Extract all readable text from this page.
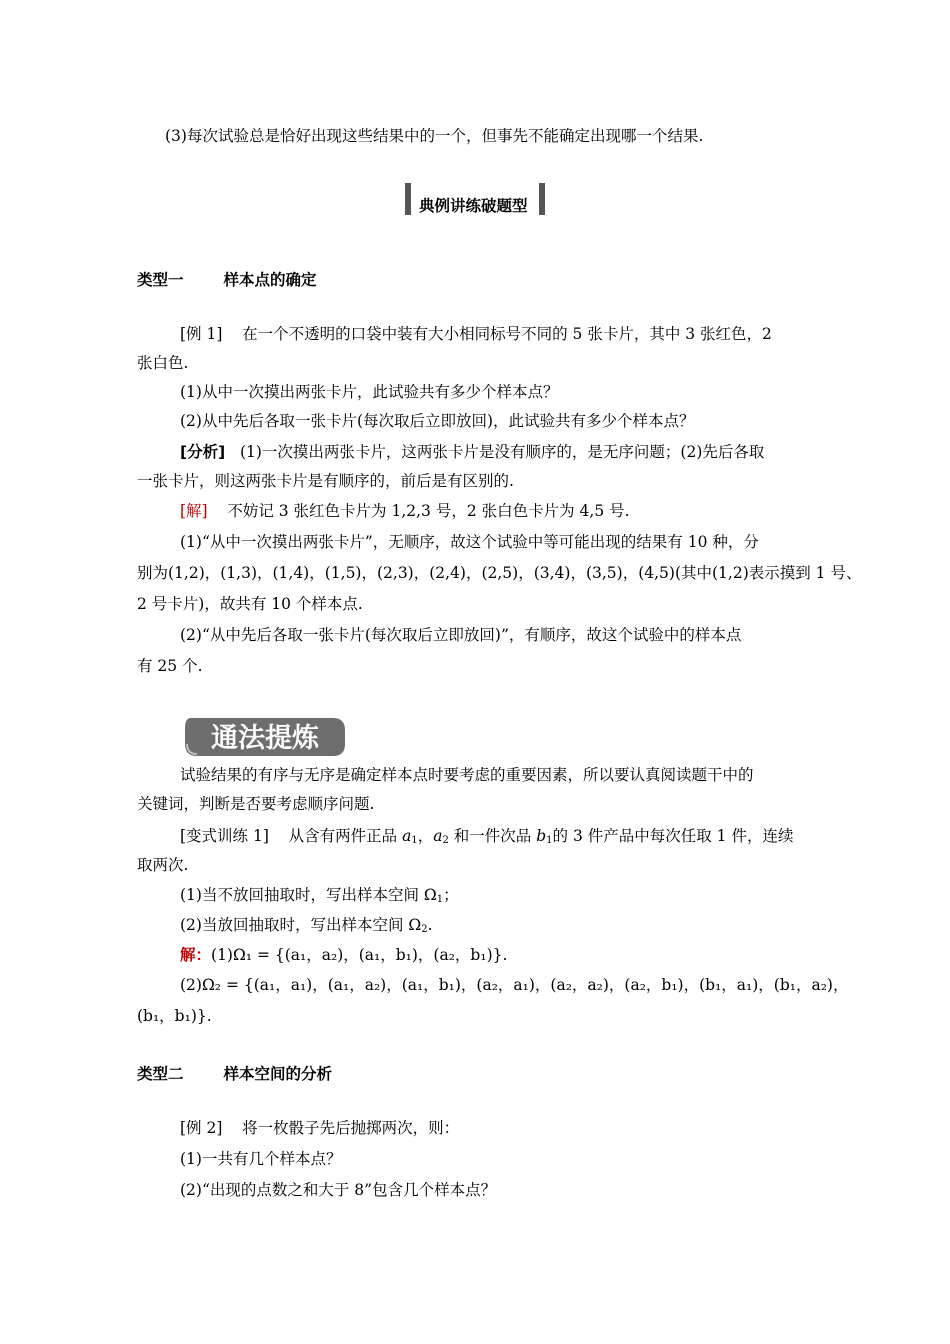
(3)每次试验总是恰好出现这些结果中的一个，但事先不能确定出现哪一个结果.
典例讲练破题型
类型一	样本点的确定
[例 1] 在一个不透明的口袋中装有大小相同标号不同的 5 张卡片，其中 3 张红色，2
张白色.
(1)从中一次摸出两张卡片，此试验共有多少个样本点？
(2)从中先后各取一张卡片(每次取后立即放回)，此试验共有多少个样本点？
[分析] (1)一次摸出两张卡片，这两张卡片是没有顺序的，是无序问题；(2)先后各取
一张卡片，则这两张卡片是有顺序的，前后是有区别的.
[解] 不妨记 3 张红色卡片为 1,2,3 号，2 张白色卡片为 4,5 号.
(1)“从中一次摸出两张卡片”，无顺序，故这个试验中等可能出现的结果有 10 种，分
别为(1,2)，(1,3)，(1,4)，(1,5)，(2,3)，(2,4)，(2,5)，(3,4)，(3,5)，(4,5)(其中(1,2)表示摸到 1 号、
2 号卡片)，故共有 10 个样本点.
(2)“从中先后各取一张卡片(每次取后立即放回)”，有顺序，故这个试验中的样本点
有 25 个.
通法提炼
试验结果的有序与无序是确定样本点时要考虑的重要因素，所以要认真阅读题干中的
关键词，判断是否要考虑顺序问题.
[变式训练 1] 从含有两件正品 $a_1$，$a_2$ 和一件次品 $b_1$的 3 件产品中每次任取 1 件，连续
取两次.
(1)当不放回抽取时，写出样本空间 $\Omega_1$；
(2)当放回抽取时，写出样本空间 $\Omega_2$.
解：(1)Ω₁ = {(a₁，a₂)，(a₁，b₁)，(a₂，b₁)}.
(2)Ω₂ = {(a₁，a₁)，(a₁，a₂)，(a₁，b₁)，(a₂，a₁)，(a₂，a₂)，(a₂，b₁)，(b₁，a₁)，(b₁，a₂)，
(b₁，b₁)}.
类型二	样本空间的分析
[例 2] 将一枚骰子先后抛掷两次，则：
(1)一共有几个样本点？
(2)“出现的点数之和大于 8”包含几个样本点？
